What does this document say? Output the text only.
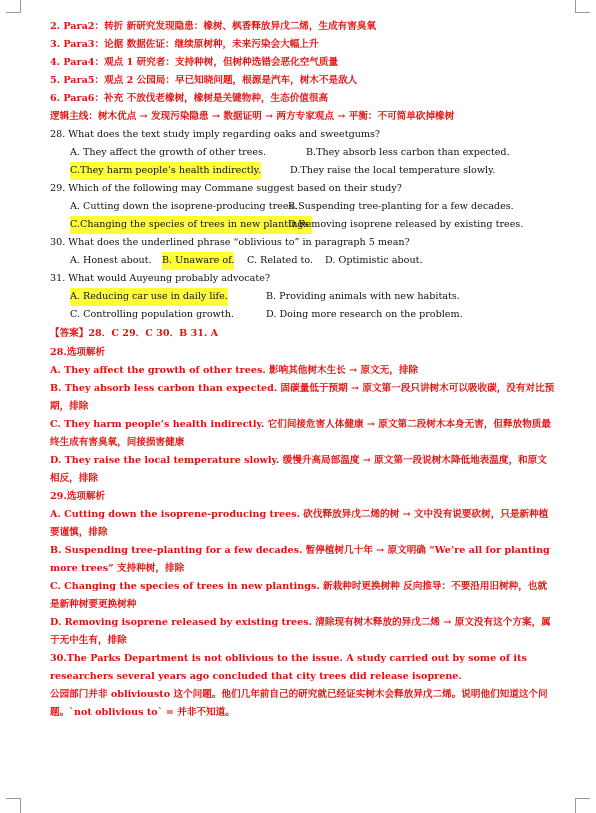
2. Para2：转折 新研究发现隐患：橡树、枫香释放异戊二烯，生成有害臭氧
3. Para3：论据 数据佐证：继续原树种，未来污染会大幅上升
4. Para4：观点 1 研究者：支持种树，但树种选错会恶化空气质量
5. Para5：观点 2 公园局：早已知晓问题，根源是汽车，树木不是敌人
6. Para6：补充 不放伐老橡树，橡树是关键物种，生态价值很高
逻辑主线：树木优点 → 发现污染隐患 → 数据证明 → 两方专家观点 → 平衡：不可简单砍掉橡树
28. What does the text study imply regarding oaks and sweetgums?
A. They affect the growth of other trees.	B.They absorb less carbon than expected.
C.They harm people’s health indirectly.	D.They raise the local temperature slowly.
29. Which of the following may Commane suggest based on their study?
A. Cutting down the isoprene-producing trees.
B.Suspending tree-planting for a few decades.
C.Changing the species of trees in new plantings.
D.Removing isoprene released by existing trees.
30. What does the underlined phrase “oblivious to” in paragraph 5 mean?
A. Honest about. B. Unaware of. C. Related to. D. Optimistic about.
31. What would Auyeung probably advocate?
A. Reducing car use in daily life.	B. Providing animals with new habitats.
C. Controlling population growth.	D. Doing more research on the problem.
【答案】28．C 29．C 30．B 31. A
28.选项解析
A. They affect the growth of other trees. 影响其他树木生长 → 原文无，排除
B. They absorb less carbon than expected. 固碳量低于预期 → 原文第一段只讲树木可以吸收碳，没有对比预期，排除
C. They harm people’s health indirectly. 它们间接危害人体健康 → 原文第二段树木本身无害，但释放物质最终生成有害臭氧，间接损害健康
D. They raise the local temperature slowly. 缓慢升高局部温度 → 原文第一段说树木降低地表温度，和原文相反，排除
29.选项解析
A. Cutting down the isoprene-producing trees. 砍伐释放异戊二烯的树 → 文中没有说要砍树，只是新种植要谨慎，排除
B. Suspending tree-planting for a few decades. 暂停植树几十年 → 原文明确 “We’re all for planting more trees” 支持种树，排除
C. Changing the species of trees in new plantings. 新栽种时更换树种 反向推导：不要沿用旧树种，也就是新种树要更换树种
D. Removing isoprene released by existing trees. 清除现有树木释放的异戊二烯 → 原文没有这个方案，属于无中生有，排除
30.The Parks Department is not oblivious to the issue. A study carried out by some of its researchers several years ago concluded that city trees did release isoprene.
公园部门并非 obliviousto 这个问题。他们几年前自己的研究就已经证实树木会释放异戊二烯。说明他们知道这个问题。`not oblivious to` = 并非不知道。
